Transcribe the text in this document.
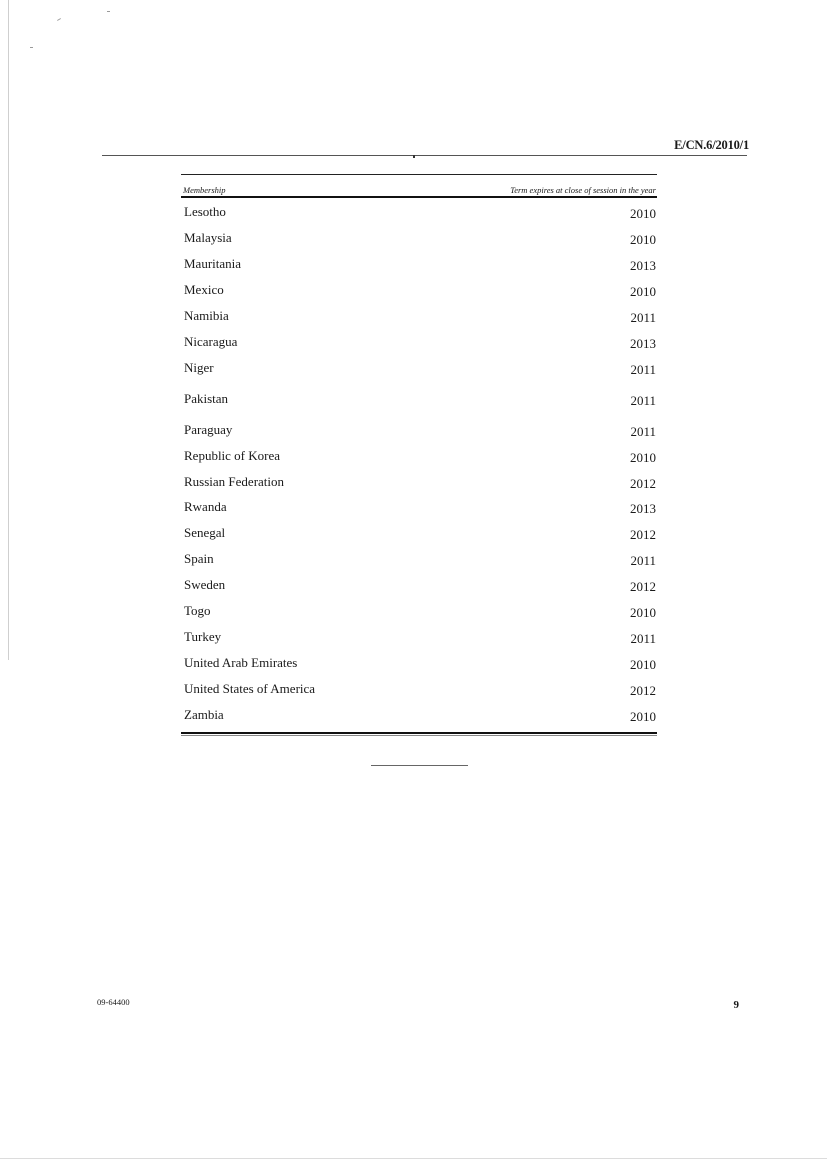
E/CN.6/2010/1
Membership	Term expires at close of session in the year
Lesotho	2010
Malaysia	2010
Mauritania	2013
Mexico	2010
Namibia	2011
Nicaragua	2013
Niger	2011
Pakistan	2011
Paraguay	2011
Republic of Korea	2010
Russian Federation	2012
Rwanda	2013
Senegal	2012
Spain	2011
Sweden	2012
Togo	2010
Turkey	2011
United Arab Emirates	2010
United States of America	2012
Zambia	2010
09-64400	9
